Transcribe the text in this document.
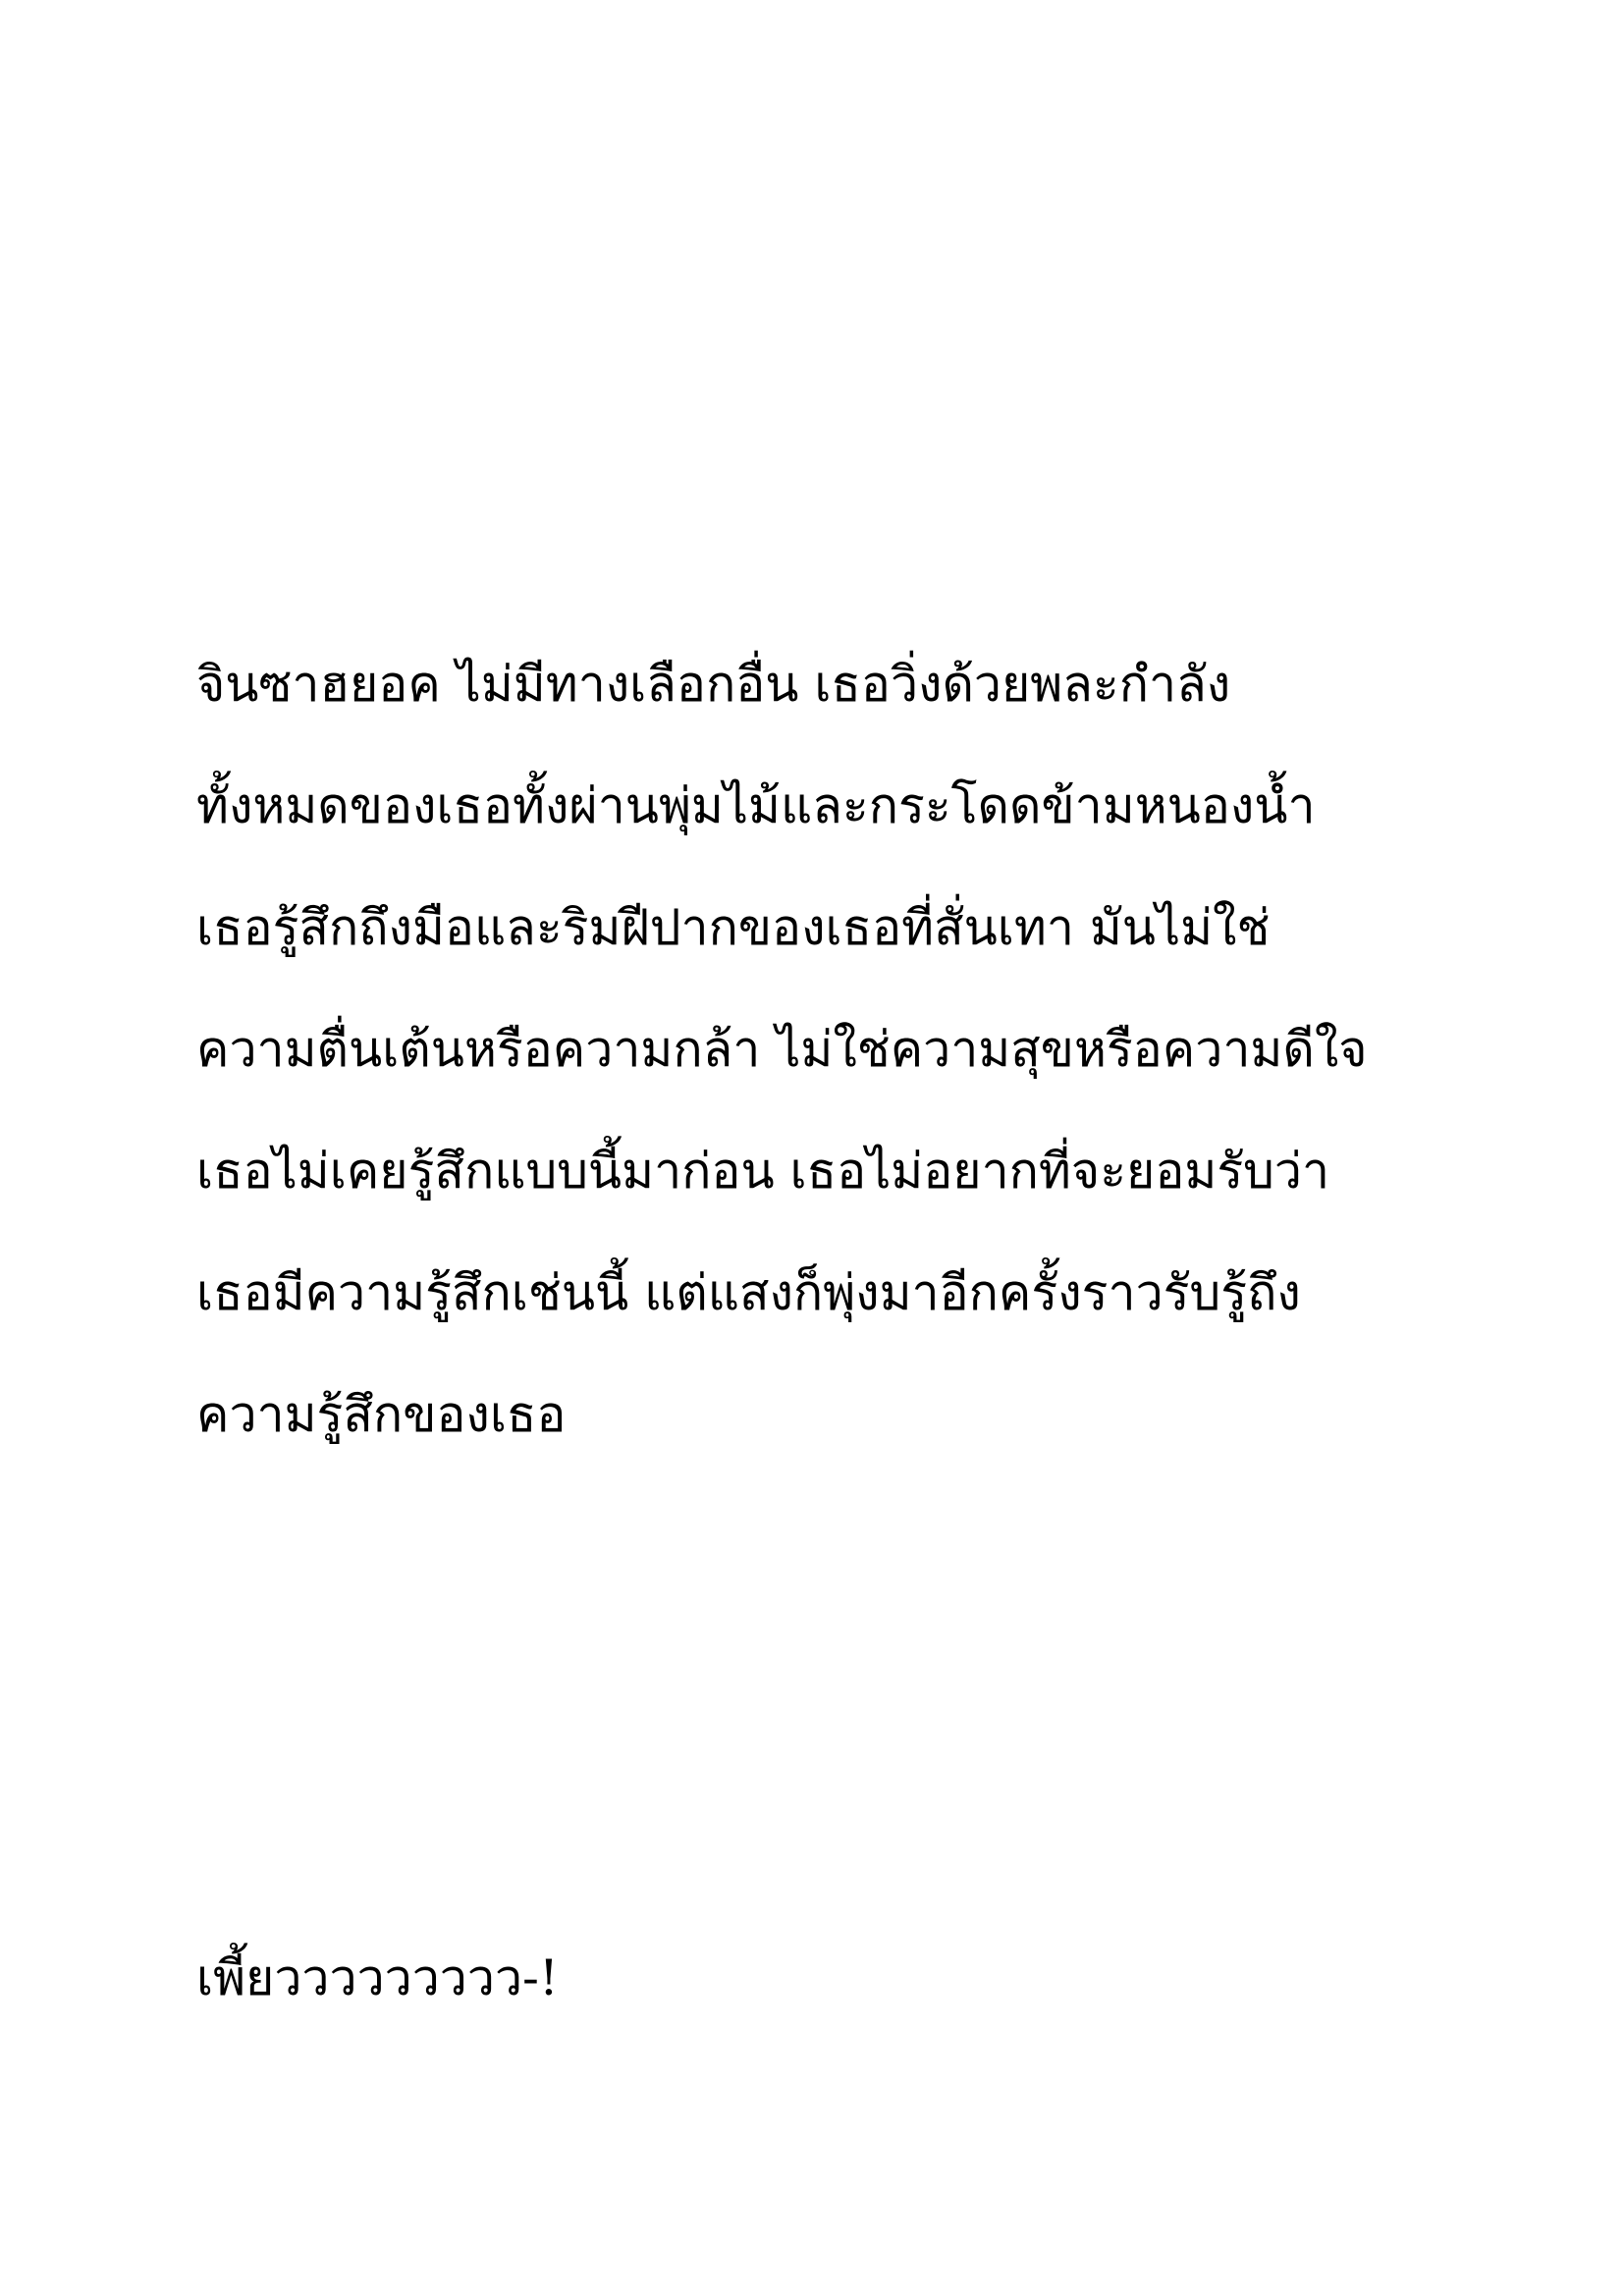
จินซาฮยอค ไม่มีทางเลือกอื่น เธอวิ่งด้วยพละกำลัง

ทั้งหมดของเธอทั้งผ่านพุ่มไม้และกระโดดข้ามหนองน้ำ

เธอรู้สึกถึงมือและริมฝีปากของเธอที่สั่นเทา มันไม่ใช่

ความตื่นเต้นหรือความกล้า ไม่ใช่ความสุขหรือความดีใจ

เธอไม่เคยรู้สึกแบบนี้มาก่อน เธอไม่อยากที่จะยอมรับว่า

เธอมีความรู้สึกเช่นนี้ แต่แสงก็พุ่งมาอีกครั้งราวรับรู้ถึง

ความรู้สึกของเธอ

เพี้ยววววววววว-!
